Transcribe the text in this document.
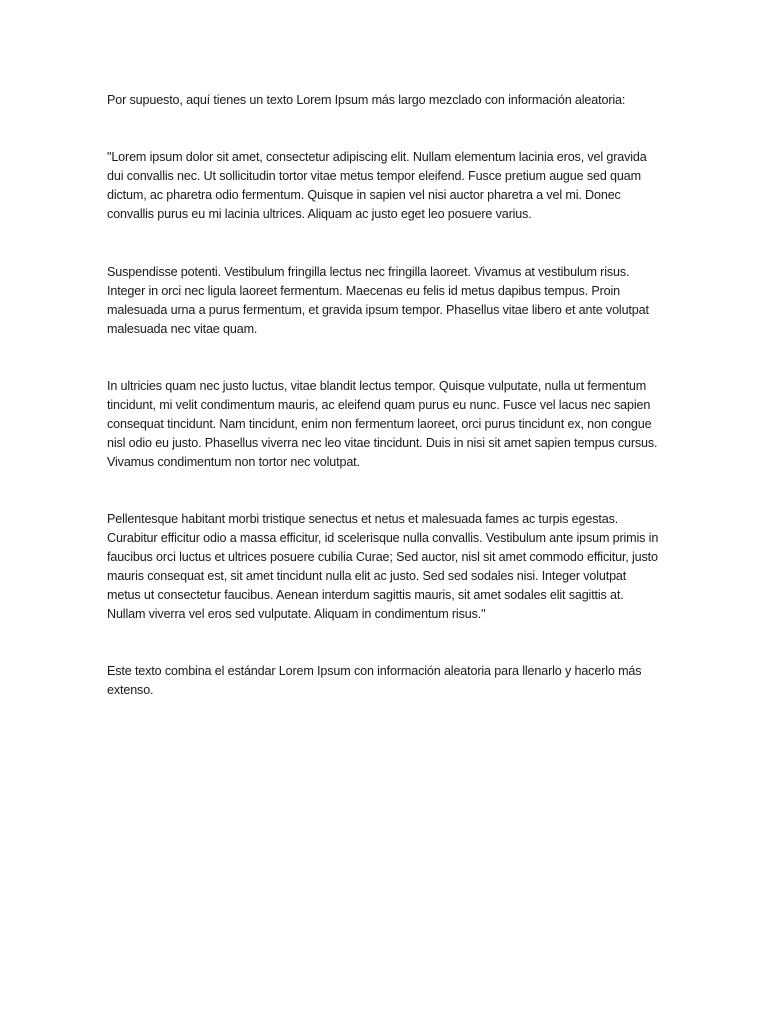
Por supuesto, aquí tienes un texto Lorem Ipsum más largo mezclado con información aleatoria:

"Lorem ipsum dolor sit amet, consectetur adipiscing elit. Nullam elementum lacinia eros, vel gravida dui convallis nec. Ut sollicitudin tortor vitae metus tempor eleifend. Fusce pretium augue sed quam dictum, ac pharetra odio fermentum. Quisque in sapien vel nisi auctor pharetra a vel mi. Donec convallis purus eu mi lacinia ultrices. Aliquam ac justo eget leo posuere varius.

Suspendisse potenti. Vestibulum fringilla lectus nec fringilla laoreet. Vivamus at vestibulum risus. Integer in orci nec ligula laoreet fermentum. Maecenas eu felis id metus dapibus tempus. Proin malesuada urna a purus fermentum, et gravida ipsum tempor. Phasellus vitae libero et ante volutpat malesuada nec vitae quam.

In ultricies quam nec justo luctus, vitae blandit lectus tempor. Quisque vulputate, nulla ut fermentum tincidunt, mi velit condimentum mauris, ac eleifend quam purus eu nunc. Fusce vel lacus nec sapien consequat tincidunt. Nam tincidunt, enim non fermentum laoreet, orci purus tincidunt ex, non congue nisl odio eu justo. Phasellus viverra nec leo vitae tincidunt. Duis in nisi sit amet sapien tempus cursus. Vivamus condimentum non tortor nec volutpat.

Pellentesque habitant morbi tristique senectus et netus et malesuada fames ac turpis egestas. Curabitur efficitur odio a massa efficitur, id scelerisque nulla convallis. Vestibulum ante ipsum primis in faucibus orci luctus et ultrices posuere cubilia Curae; Sed auctor, nisl sit amet commodo efficitur, justo mauris consequat est, sit amet tincidunt nulla elit ac justo. Sed sed sodales nisi. Integer volutpat metus ut consectetur faucibus. Aenean interdum sagittis mauris, sit amet sodales elit sagittis at. Nullam viverra vel eros sed vulputate. Aliquam in condimentum risus."

Este texto combina el estándar Lorem Ipsum con información aleatoria para llenarlo y hacerlo más extenso.
